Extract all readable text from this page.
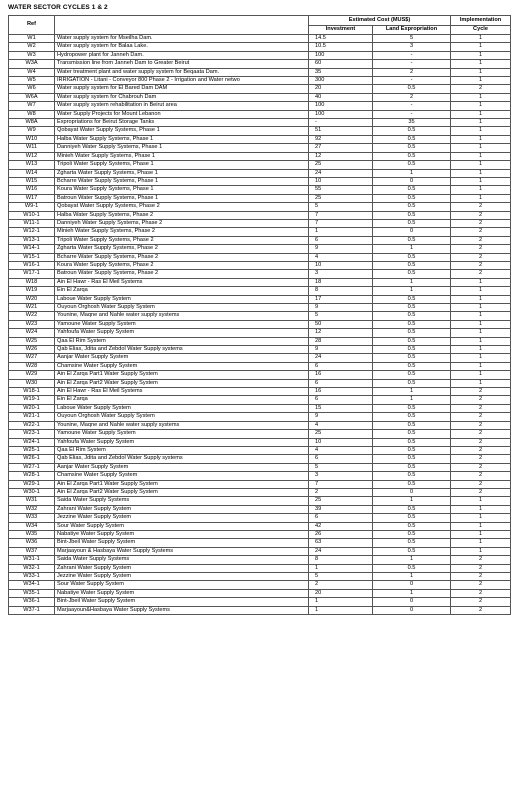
WATER SECTOR CYCLES 1 & 2
Ref		Estimated Cost (MUS$)		Implementation
		Investment	Land Expropriation	Cycle
W1	Water supply system for Mseilha Dam.	14.5	5	1
W2	Water supply system for Balaa Lake.	10.5	3	1
W3	Hydropower plant for Janneh Dam.	100	-	1
W3A	Transmission line from Janneh Dam to Greater Beirut	60	-	1
W4	Water treatment plant and water supply system for Beqaata Dam.	35	2	1
W5	IRRIGATION - Litani - Conveyor 800 Phase 2 - Irrigation and Water netwo	300	-	1
W6	Water supply system for El Bared Dam DAM	20	0.5	2
W6A	Water supply system for Chabrouh Dam	40	2	1
W7	Water supply system rehabilitation in Beirut area	100	-	1
W8	Water Supply Projects for Mount Lebanon	100	-	1
W8A	Expropriations for Beirut Storage Tanks	-	35	1
W9	Qobayat Water Supply Systems, Phase 1	51	0.5	1
W10	Halba Water Supply Systems, Phase 1	92	0.5	1
W11	Danniyeh Water Supply Systems, Phase 1	27	0.5	1
W12	Minieh Water Supply Systems, Phase 1	12	0.5	1
W13	Tripoli Water Supply Systems, Phase 1	25	0.5	1
W14	Zgharta Water Supply Systems, Phase 1	24	1	1
W15	Bcharre Water Supply Systems, Phase 1	10	0	1
W16	Koura Water Supply Systems, Phase 1	55	0.5	1
W17	Batroun Water Supply Systems, Phase 1	25	0.5	1
W9-1	Qobayat Water Supply Systems, Phase 2	5	0.5	2
W10-1	Halba Water Supply Systems, Phase 2	7	0.5	2
W11-1	Danniyeh Water Supply Systems, Phase 2	7	0.5	2
W12-1	Minieh Water Supply Systems, Phase 2	1	0	2
W13-1	Tripoli Water Supply Systems, Phase 2	6	0.5	2
W14-1	Zgharta Water Supply Systems, Phase 2	9	1	2
W15-1	Bcharre Water Supply Systems, Phase 2	4	0.5	2
W16-1	Koura Water Supply Systems, Phase 2	10	0.5	2
W17-1	Batroun Water Supply Systems, Phase 2	3	0.5	2
W18	Ain El Hawr - Ras El Meil Systems	18	1	1
W19	Ein El Zarqa	8	1	1
W20	Laboue Water Supply System	17	0.5	1
W21	Ouyoun Orghosh Water Supply System	9	0.5	1
W22	Younine, Maqne and Nahle water supply systems	5	0.5	1
W23	Yamoune Water Supply System	50	0.5	1
W24	Yahfoufa Water Supply System	12	0.5	1
W25	Qaa El Rim System	28	0.5	1
W26	Qab Elias, Jdita and Zebdol Water Supply systems	9	0.5	1
W27	Aanjar Water Supply System	24	0.5	1
W28	Chamsine Water Supply System	6	0.5	1
W29	Ain El Zarqa Part1 Water Supply System	16	0.5	1
W30	Ain El Zarqa Part2 Water Supply System	6	0.5	1
W18-1	Ain El Hawr - Ras El Meil Systems	16	1	2
W19-1	Ein El Zarqa	6	1	2
W20-1	Laboue Water Supply System	15	0.5	2
W21-1	Ouyoun Orghosh Water Supply System	9	0.5	2
W22-1	Younine, Maqne and Nahle water supply systems	4	0.5	2
W23-1	Yamoune Water Supply System	25	0.5	2
W24-1	Yahfoufa Water Supply System	10	0.5	2
W25-1	Qaa El Rim System	4	0.5	2
W26-1	Qab Elias, Jdita and Zebdol Water Supply systems	6	0.5	2
W27-1	Aanjar Water Supply System	5	0.5	2
W28-1	Chamsine Water Supply System	3	0.5	2
W29-1	Ain El Zarqa Part1 Water Supply System	7	0.5	2
W30-1	Ain El Zarqa Part2 Water Supply System	2	0	2
W31	Saida Water Supply Systems	25	1	1
W32	Zahrani Water Supply System	39	0.5	1
W33	Jezzine Water Supply System	6	0.5	1
W34	Sour Water Supply System	42	0.5	1
W35	Nabatiye Water Supply System	26	0.5	1
W36	Bint-Jbeil Water Supply System	63	0.5	1
W37	Marjaayoun & Hasbaya Water Supply Systems	24	0.5	1
W31-1	Saida Water Supply Systems	8	1	2
W32-1	Zahrani Water Supply System	1	0.5	2
W33-1	Jezzine Water Supply System	5	1	2
W34-1	Sour Water Supply System	2	0	2
W35-1	Nabatiye Water Supply System	20	1	2
W36-1	Bint-Jbeil Water Supply System	1	0	2
W37-1	Marjaayoun&Hasbaya Water Supply Systems	1	0	2
